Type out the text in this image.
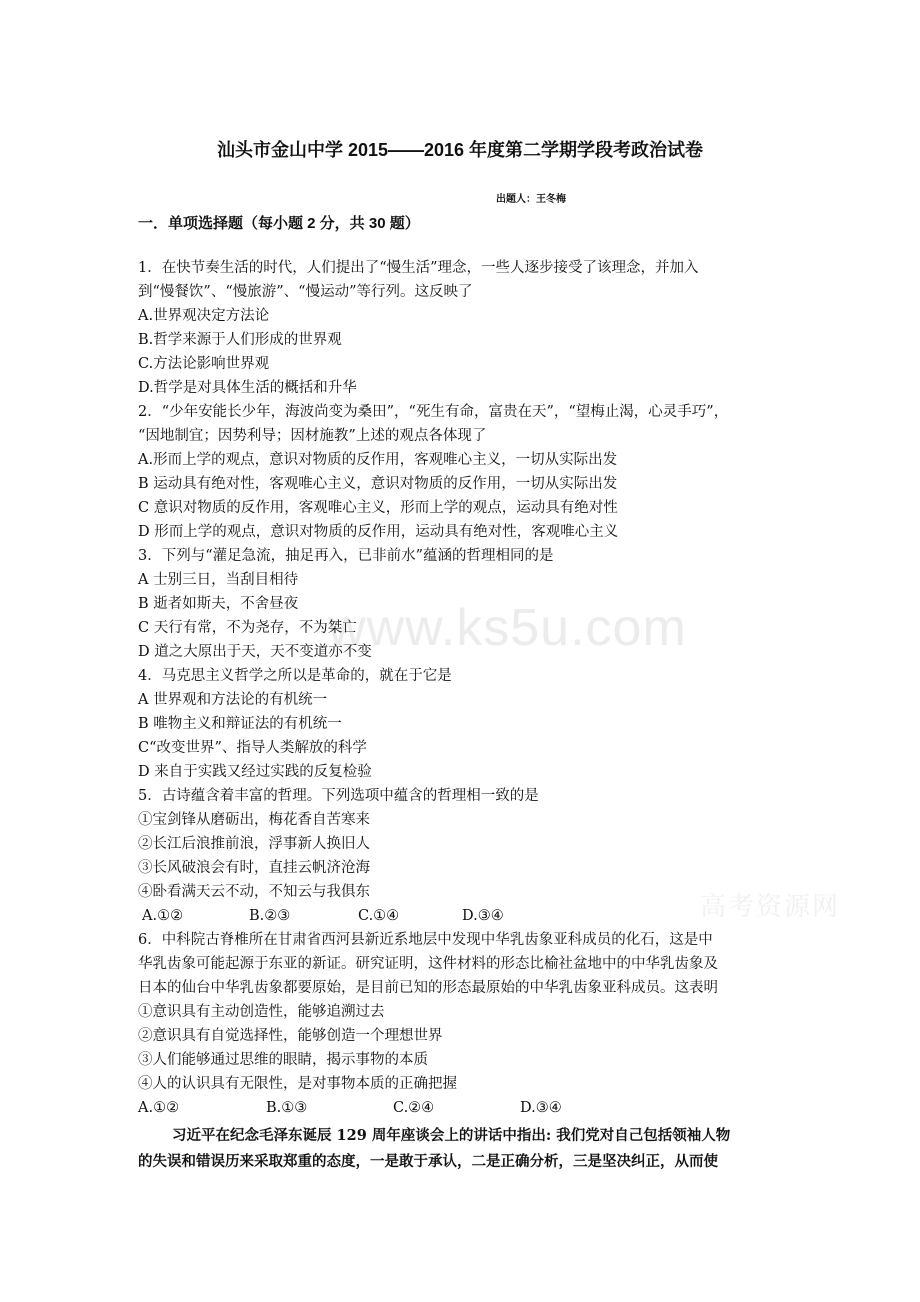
www.ks5u.com
高考资源网
汕头市金山中学 2015——2016 年度第二学期学段考政治试卷
出题人：王冬梅
一．单项选择题（每小题 2 分，共 30 题）
1．在快节奏生活的时代，人们提出了“慢生活”理念，一些人逐步接受了该理念，并加入
到“慢餐饮”、“慢旅游”、“慢运动”等行列。这反映了
A.世界观决定方法论
B.哲学来源于人们形成的世界观
C.方法论影响世界观
D.哲学是对具体生活的概括和升华
2．“少年安能长少年，海波尚变为桑田”，“死生有命，富贵在天”，“望梅止渴，心灵手巧”，
“因地制宜；因势利导；因材施教”上述的观点各体现了
A.形而上学的观点，意识对物质的反作用，客观唯心主义，一切从实际出发
B 运动具有绝对性，客观唯心主义，意识对物质的反作用，一切从实际出发
C 意识对物质的反作用，客观唯心主义，形而上学的观点，运动具有绝对性
D 形而上学的观点，意识对物质的反作用，运动具有绝对性，客观唯心主义
3．下列与“灌足急流，抽足再入，已非前水”蕴涵的哲理相同的是
A 士别三日，当刮目相待
B 逝者如斯夫，不舍昼夜
C 天行有常，不为尧存，不为桀亡
D 道之大原出于天，天不变道亦不变
4．马克思主义哲学之所以是革命的，就在于它是
A 世界观和方法论的有机统一
B 唯物主义和辩证法的有机统一
C“改变世界”、指导人类解放的科学
D 来自于实践又经过实践的反复检验
5．古诗蕴含着丰富的哲理。下列选项中蕴含的哲理相一致的是
①宝剑锋从磨砺出，梅花香自苦寒来
②长江后浪推前浪，浮事新人换旧人
③长风破浪会有时，直挂云帆济沧海
④卧看满天云不动，不知云与我俱东
A.①②	B.②③	C.①④	D.③④
6．中科院古脊椎所在甘肃省西河县新近系地层中发现中华乳齿象亚科成员的化石，这是中
华乳齿象可能起源于东亚的新证。研究证明，这件材料的形态比榆社盆地中的中华乳齿象及
日本的仙台中华乳齿象都要原始，是目前已知的形态最原始的中华乳齿象亚科成员。这表明
①意识具有主动创造性，能够追溯过去
②意识具有自觉选择性，能够创造一个理想世界
③人们能够通过思维的眼睛，揭示事物的本质
④人的认识具有无限性，是对事物本质的正确把握
A.①②	B.①③	C.②④	D.③④
习近平在纪念毛泽东诞辰 129 周年座谈会上的讲话中指出: 我们党对自己包括领袖人物
的失误和错误历来采取郑重的态度，一是敢于承认，二是正确分析，三是坚决纠正，从而使
